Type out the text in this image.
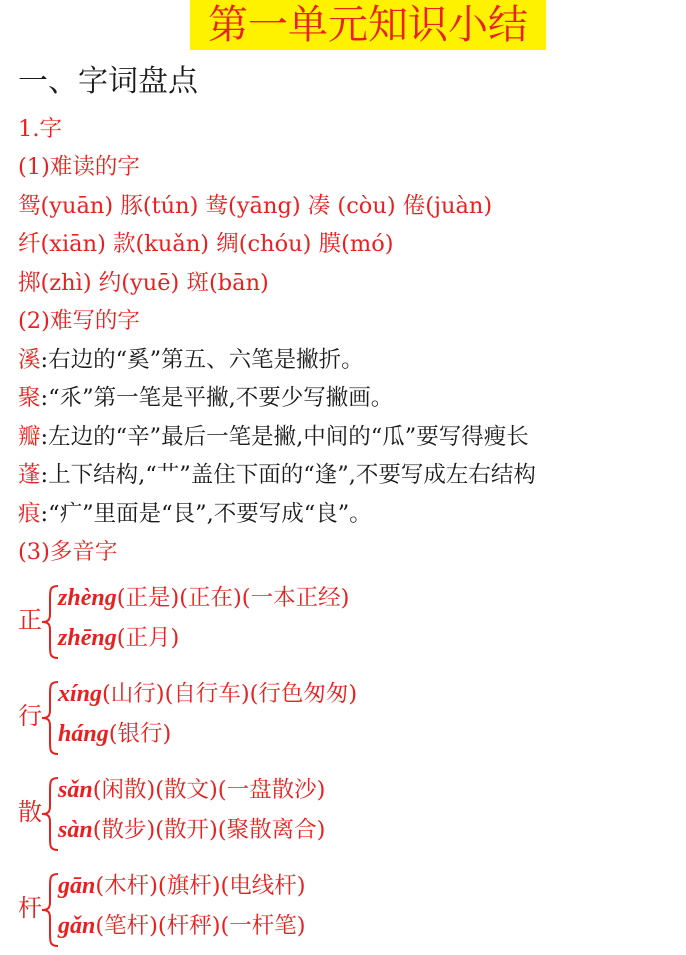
第一单元知识小结
一、字词盘点
1.字
(1)难读的字
鸳(yuān) 豚(tún) 鸯(yāng) 凑 (còu) 倦(juàn)
纤(xiān) 款(kuǎn) 绸(chóu) 膜(mó)
掷(zhì) 约(yuē) 斑(bān)
(2)难写的字
溪:右边的“奚”第五、六笔是撇折。
聚:“乑”第一笔是平撇,不要少写撇画。
瓣:左边的“辛”最后一笔是撇,中间的“瓜”要写得瘦长
蓬:上下结构,“艹”盖住下面的“逢”,不要写成左右结构
痕:“疒”里面是“艮”,不要写成“良”。
(3)多音字
正
zhèng(正是)(正在)(一本正经)
zhēng(正月)
行
xíng(山行)(自行车)(行色匆匆)
háng(银行)
散
sǎn(闲散)(散文)(一盘散沙)
sàn(散步)(散开)(聚散离合)
杆
gān(木杆)(旗杆)(电线杆)
gǎn(笔杆)(杆秤)(一杆笔)
